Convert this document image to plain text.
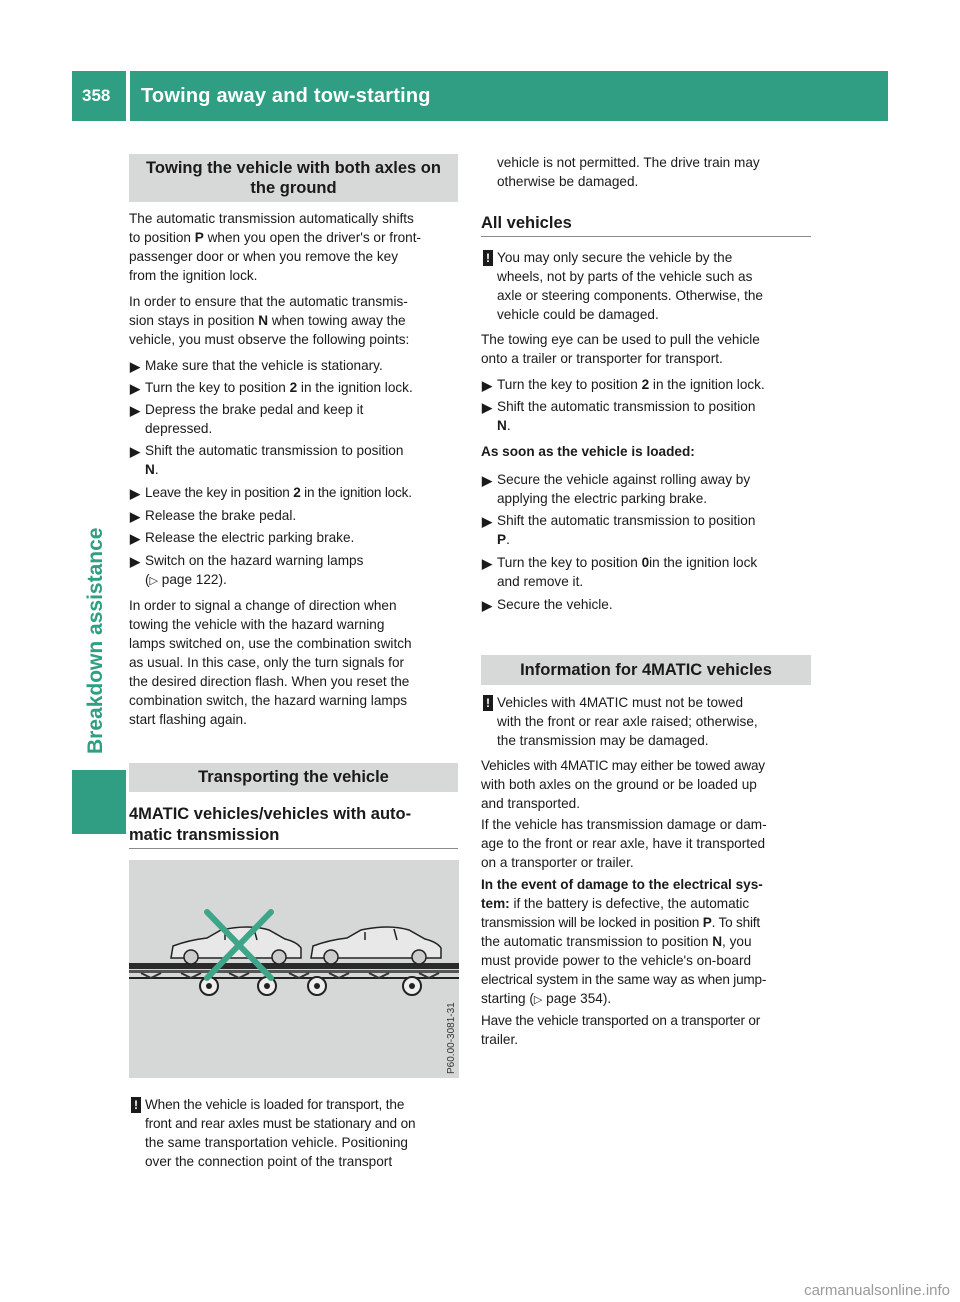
358	Towing away and tow-starting
Breakdown assistance
Towing the vehicle with both axles on
the ground
The automatic transmission automatically shifts
to position P when you open the driver's or front-
passenger door or when you remove the key
from the ignition lock.
In order to ensure that the automatic transmis-
sion stays in position N when towing away the
vehicle, you must observe the following points:
▶ Make sure that the vehicle is stationary.
▶ Turn the key to position 2 in the ignition lock.
▶ Depress the brake pedal and keep it
depressed.
▶ Shift the automatic transmission to position
N.
▶ Leave the key in position 2 in the ignition lock.
▶ Release the brake pedal.
▶ Release the electric parking brake.
▶ Switch on the hazard warning lamps
(▷ page 122).
In order to signal a change of direction when
towing the vehicle with the hazard warning
lamps switched on, use the combination switch
as usual. In this case, only the turn signals for
the desired direction flash. When you reset the
combination switch, the hazard warning lamps
start flashing again.
Transporting the vehicle
4MATIC vehicles/vehicles with auto-
matic transmission
P60.00-3081-31
! When the vehicle is loaded for transport, the
front and rear axles must be stationary and on
the same transportation vehicle. Positioning
over the connection point of the transport
vehicle is not permitted. The drive train may
otherwise be damaged.
All vehicles
! You may only secure the vehicle by the
wheels, not by parts of the vehicle such as
axle or steering components. Otherwise, the
vehicle could be damaged.
The towing eye can be used to pull the vehicle
onto a trailer or transporter for transport.
▶ Turn the key to position 2 in the ignition lock.
▶ Shift the automatic transmission to position
N.
As soon as the vehicle is loaded:
▶ Secure the vehicle against rolling away by
applying the electric parking brake.
▶ Shift the automatic transmission to position
P.
▶ Turn the key to position 0in the ignition lock
and remove it.
▶ Secure the vehicle.
Information for 4MATIC vehicles
! Vehicles with 4MATIC must not be towed
with the front or rear axle raised; otherwise,
the transmission may be damaged.
Vehicles with 4MATIC may either be towed away
with both axles on the ground or be loaded up
and transported.
If the vehicle has transmission damage or dam-
age to the front or rear axle, have it transported
on a transporter or trailer.
In the event of damage to the electrical sys-
tem: if the battery is defective, the automatic
transmission will be locked in position P. To shift
the automatic transmission to position N, you
must provide power to the vehicle's on-board
electrical system in the same way as when jump-
starting (▷ page 354).
Have the vehicle transported on a transporter or
trailer.
carmanualsonline.info
